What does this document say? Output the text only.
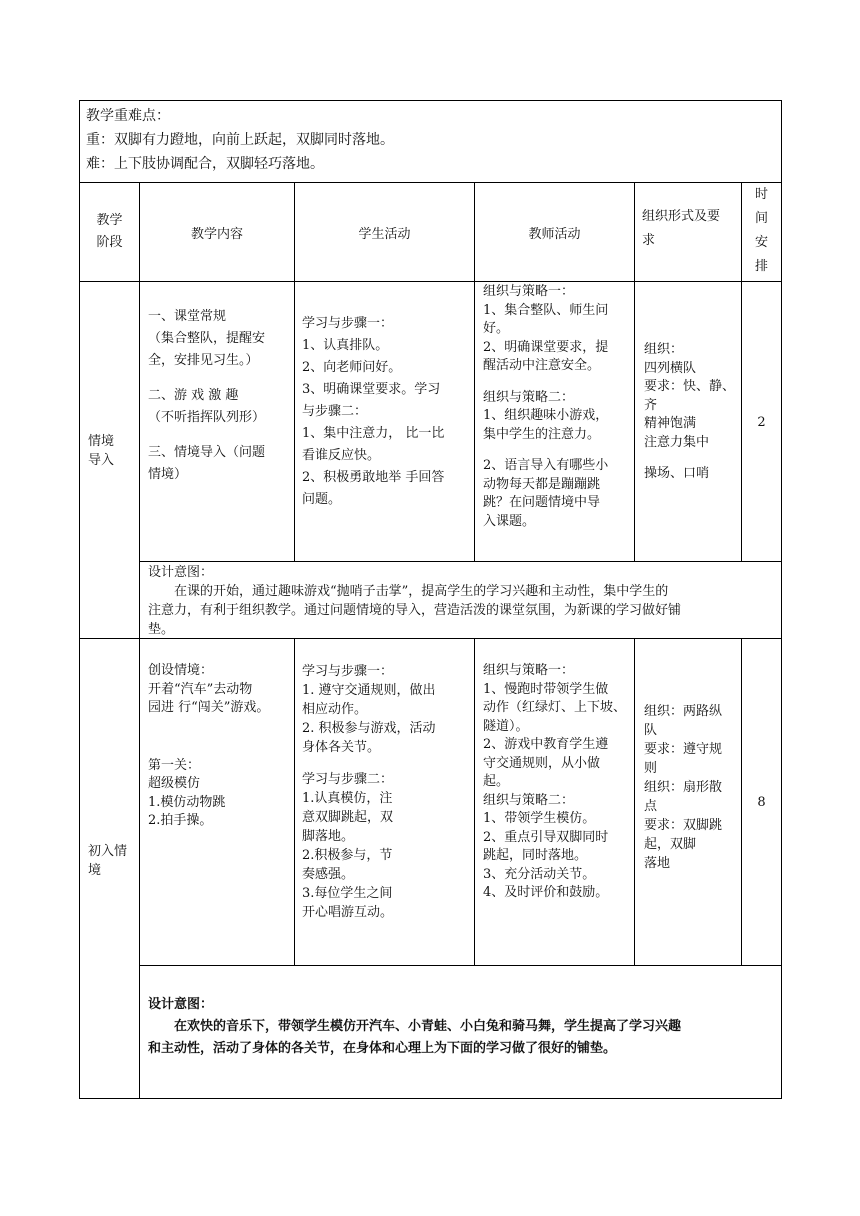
教学重难点：
重：双脚有力蹬地，向前上跃起，双脚同时落地。
难：上下肢协调配合，双脚轻巧落地。
教学
阶段
教学内容	学生活动	教师活动
组织形式及要
求
时
间
安
排
情境
导入
一、课堂常规
（集合整队，提醒安
全，安排见习生。）
二、游 戏 激 趣
（不听指挥队列形）
三、情境导入（问题
情境）
学习与步骤一：
1、认真排队。
2、向老师问好。
3、明确课堂要求。学习
与步骤二：
1、集中注意力， 比一比
看谁反应快。
2、积极勇敢地举 手回答
问题。
组织与策略一：
1、集合整队、师生问
好。
2、明确课堂要求，提
醒活动中注意安全。
组织与策略二：
1、组织趣味小游戏，
集中学生的注意力。
2、语言导入有哪些小
动物每天都是蹦蹦跳
跳？在问题情境中导
入课题。
组织：
四列横队
要求：快、静、
齐
精神饱满
注意力集中
操场、口哨
2
设计意图：
在课的开始，通过趣味游戏“抛哨子击掌”，提高学生的学习兴趣和主动性，集中学生的
注意力，有利于组织教学。通过问题情境的导入，营造活泼的课堂氛围，为新课的学习做好铺
垫。
初入情
境
创设情境：
开着“汽车”去动物
园进 行“闯关”游戏。
第一关：
超级模仿
1.模仿动物跳
2.拍手操。
学习与步骤一：
1. 遵守交通规则，做出
相应动作。
2. 积极参与游戏，活动
身体各关节。
学习与步骤二：
1.认真模仿，注
意双脚跳起，双
脚落地。
2.积极参与，节
奏感强。
3.每位学生之间
开心唱游互动。
组织与策略一：
1、慢跑时带领学生做
动作（红绿灯、上下坡、
隧道）。
2、游戏中教育学生遵
守交通规则，从小做
起。
组织与策略二：
1、带领学生模仿。
2、重点引导双脚同时
跳起，同时落地。
3、充分活动关节。
4、及时评价和鼓励。
组织：两路纵
队
要求：遵守规
则
组织：扇形散
点
要求：双脚跳
起，双脚
落地
8
设计意图：
在欢快的音乐下，带领学生模仿开汽车、小青蛙、小白兔和骑马舞，学生提高了学习兴趣
和主动性，活动了身体的各关节，在身体和心理上为下面的学习做了很好的铺垫。
